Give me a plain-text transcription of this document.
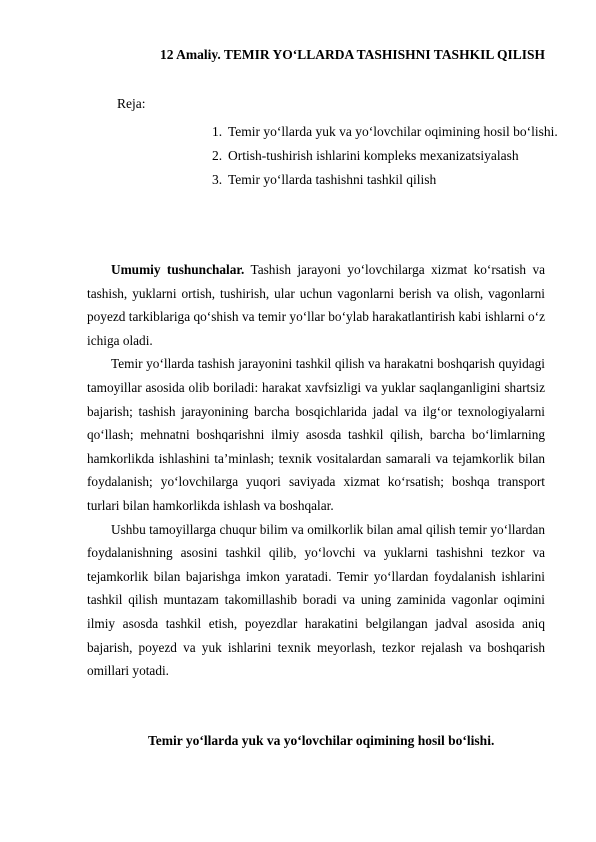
12 Amaliy. TEMIR YO‘LLARDA TASHISHNI TASHKIL QILISH
Reja:
1. Temir yo‘llarda yuk va yo‘lovchilar oqimining hosil bo‘lishi.
2. Ortish-tushirish ishlarini kompleks mexanizatsiyalash
3. Temir yo‘llarda tashishni tashkil qilish

Umumiy tushunchalar. Tashish jarayoni yo‘lovchilarga xizmat ko‘rsatish va tashish, yuklarni ortish, tushirish, ular uchun vagonlarni berish va olish, vagonlarni poyezd tarkiblariga qo‘shish va temir yo‘llar bo‘ylab harakatlantirish kabi ishlarni o‘z ichiga oladi.

Temir yo‘llarda tashish jarayonini tashkil qilish va harakatni boshqarish quyidagi tamoyillar asosida olib boriladi: harakat xavfsizligi va yuklar saqlanganligini shartsiz bajarish; tashish jarayonining barcha bosqichlarida jadal va ilg‘or texnologiyalarni qo‘llash; mehnatni boshqarishni ilmiy asosda tashkil qilish, barcha bo‘limlarning hamkorlikda ishlashini ta’minlash; texnik vositalardan samarali va tejamkorlik bilan foydalanish; yo‘lovchilarga yuqori saviyada xizmat ko‘rsatish; boshqa transport turlari bilan hamkorlikda ishlash va boshqalar.

Ushbu tamoyillarga chuqur bilim va omilkorlik bilan amal qilish temir yo‘llardan foydalanishning asosini tashkil qilib, yo‘lovchi va yuklarni tashishni tezkor va tejamkorlik bilan bajarishga imkon yaratadi. Temir yo‘llardan foydalanish ishlarini tashkil qilish muntazam takomillashib boradi va uning zaminida vagonlar oqimini ilmiy asosda tashkil etish, poyezdlar harakatini belgilangan jadval asosida aniq bajarish, poyezd va yuk ishlarini texnik meyorlash, tezkor rejalash va boshqarish omillari yotadi.

Temir yo‘llarda yuk va yo‘lovchilar oqimining hosil bo‘lishi.
